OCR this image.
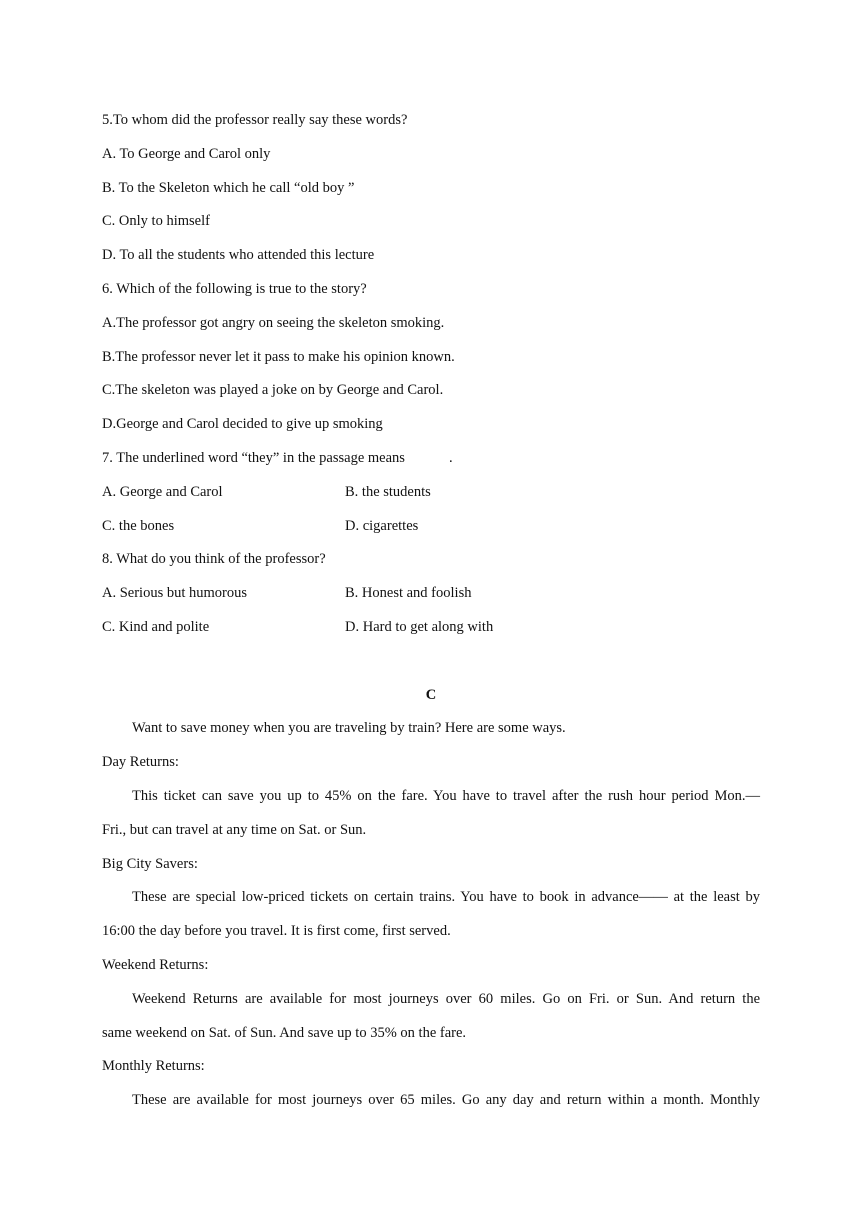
5.To whom did the professor really say these words?
A. To George and Carol only
B. To the Skeleton which he call “old boy ”
C. Only to himself
D. To all the students who attended this lecture
6. Which of the following is true to the story?
A.The professor got angry on seeing the skeleton smoking.
B.The professor never let it pass to make his opinion known.
C.The skeleton was played a joke on by George and Carol.
D.George and Carol decided to give up smoking
7. The underlined word “they” in the passage means	.
A. George and Carol	B. the students
C. the bones	D. cigarettes
8. What do you think of the professor?
A. Serious but humorous	B. Honest and foolish
C. Kind and polite	D. Hard to get along with
C
Want to save money when you are traveling by train? Here are some ways.
Day Returns:
This ticket can save you up to 45% on the fare. You have to travel after the rush hour period Mon.—
Fri., but can travel at any time on Sat. or Sun.
Big City Savers:
These are special low-priced tickets on certain trains. You have to book in advance—— at the least by
16:00 the day before you travel. It is first come, first served.
Weekend Returns:
Weekend Returns are available for most journeys over 60 miles. Go on Fri. or Sun. And return the
same weekend on Sat. of Sun. And save up to 35% on the fare.
Monthly Returns:
These are available for most journeys over 65 miles. Go any day and return within a month. Monthly
